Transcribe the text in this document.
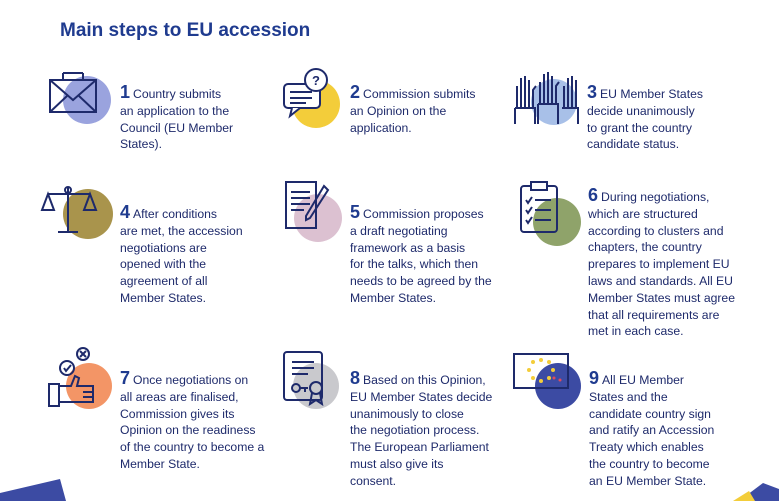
Main steps to EU accession
1 Country submits
an application to the
Council (EU Member
States).
?
2 Commission submits
an Opinion on the
application.
3 EU Member States
decide unanimously
to grant the country
candidate status.
4 After conditions
are met, the accession
negotiations are
opened with the
agreement of all
Member States.
5 Commission proposes
a draft negotiating
framework as a basis
for the talks, which then
needs to be agreed by the
Member States.
6 During negotiations,
which are structured
according to clusters and
chapters, the country
prepares to implement EU
laws and standards. All EU
Member States must agree
that all requirements are
met in each case.
7 Once negotiations on
all areas are finalised,
Commission gives its
Opinion on the readiness
of the country to become a
Member State.
8 Based on this Opinion,
EU Member States decide
unanimously to close
the negotiation process.
The European Parliament
must also give its
consent.
9 All EU Member
States and the
candidate country sign
and ratify an Accession
Treaty which enables
the country to become
an EU Member State.
